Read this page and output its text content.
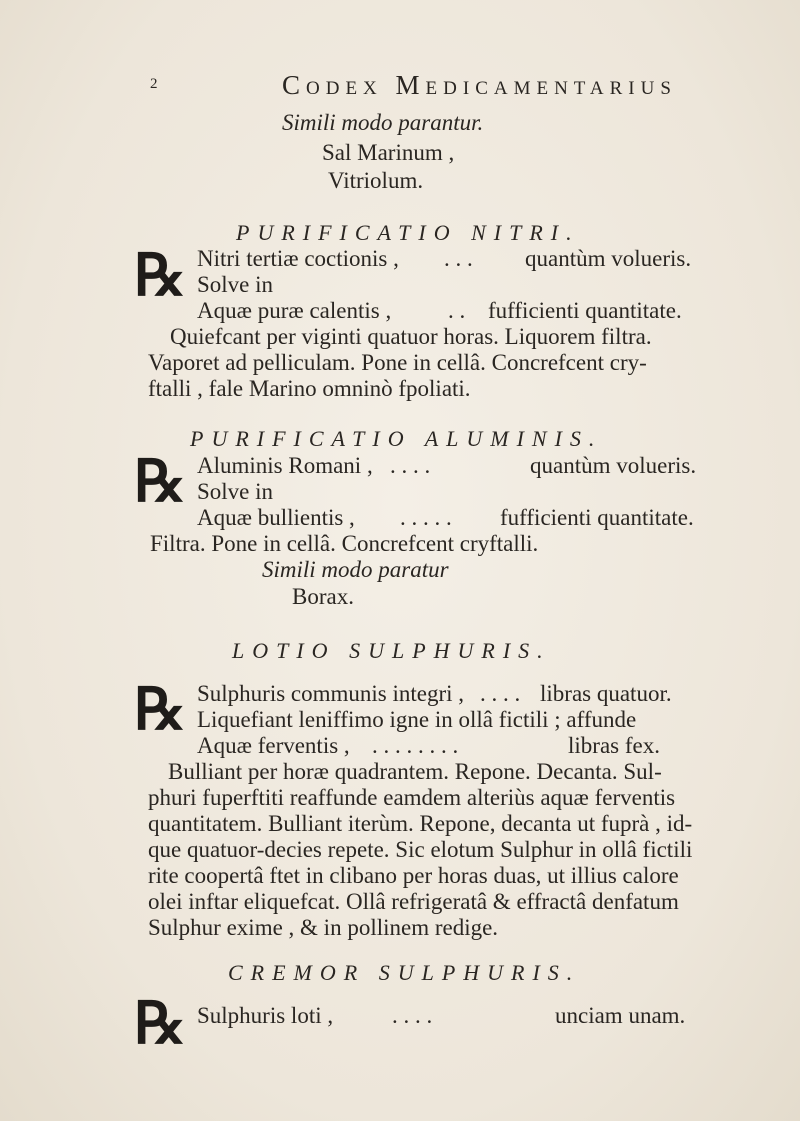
2	Codex Medicamentarius
Simili modo parantur.
Sal Marinum ,
Vitriolum.
PURIFICATIO NITRI.
℞ Nitri tertiæ coctionis , . . . quantùm volueris.
Solve in
Aquæ puræ calentis , . . fufficienti quantitate.
Quiefcant per viginti quatuor horas. Liquorem filtra.
Vaporet ad pelliculam. Pone in cellâ. Concrefcent cry-
ftalli , fale Marino omninò fpoliati.
PURIFICATIO ALUMINIS.
℞ Aluminis Romani , . . . .	quantùm volueris.
Solve in
Aquæ bullientis , . . . . . fufficienti quantitate.
Filtra. Pone in cellâ. Concrefcent cryftalli.
Simili modo paratur
Borax.
LOTIO SULPHURIS.
℞ Sulphuris communis integri , . . . . libras quatuor.
Liquefiant leniffimo igne in ollâ fictili ; affunde
Aquæ ferventis , . . . . . . . .	libras fex.
Bulliant per horæ quadrantem. Repone. Decanta. Sul-
phuri fuperftiti reaffunde eamdem alteriùs aquæ ferventis
quantitatem. Bulliant iterùm. Repone, decanta ut fuprà , id-
que quatuor-decies repete. Sic elotum Sulphur in ollâ fictili
rite coopertâ ftet in clibano per horas duas, ut illius calore
olei inftar eliquefcat. Ollâ refrigeratâ & effractâ denfatum
Sulphur exime , & in pollinem redige.
CREMOR SULPHURIS.
℞ Sulphuris loti ,	. . . .	unciam unam.
